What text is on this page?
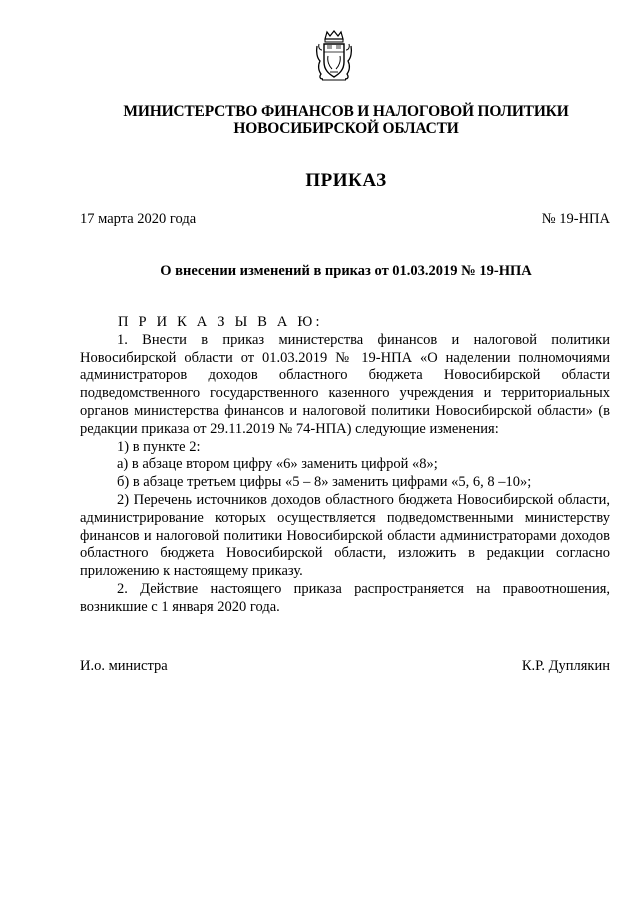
МИНИСТЕРСТВО ФИНАНСОВ И НАЛОГОВОЙ ПОЛИТИКИ
НОВОСИБИРСКОЙ ОБЛАСТИ
ПРИКАЗ
17 марта 2020 года	№ 19-НПА
О внесении изменений в приказ от 01.03.2019 № 19-НПА

П Р И К А З Ы В А Ю:

1. Внести в приказ министерства финансов и налоговой политики Новосибирской области от 01.03.2019 № 19-НПА «О наделении полномочиями администраторов доходов областного бюджета Новосибирской области подведомственного государственного казенного учреждения и территориальных органов министерства финансов и налоговой политики Новосибирской области» (в редакции приказа от 29.11.2019 № 74-НПА) следующие изменения:

1) в пункте 2:

а) в абзаце втором цифру «6» заменить цифрой «8»;

б) в абзаце третьем цифры «5 – 8» заменить цифрами «5, 6, 8 –10»;

2) Перечень источников доходов областного бюджета Новосибирской области, администрирование которых осуществляется подведомственными министерству финансов и налоговой политики Новосибирской области администраторами доходов областного бюджета Новосибирской области, изложить в редакции согласно приложению к настоящему приказу.

2. Действие настоящего приказа распространяется на правоотношения, возникшие с 1 января 2020 года.

И.о. министра	К.Р. Дуплякин
